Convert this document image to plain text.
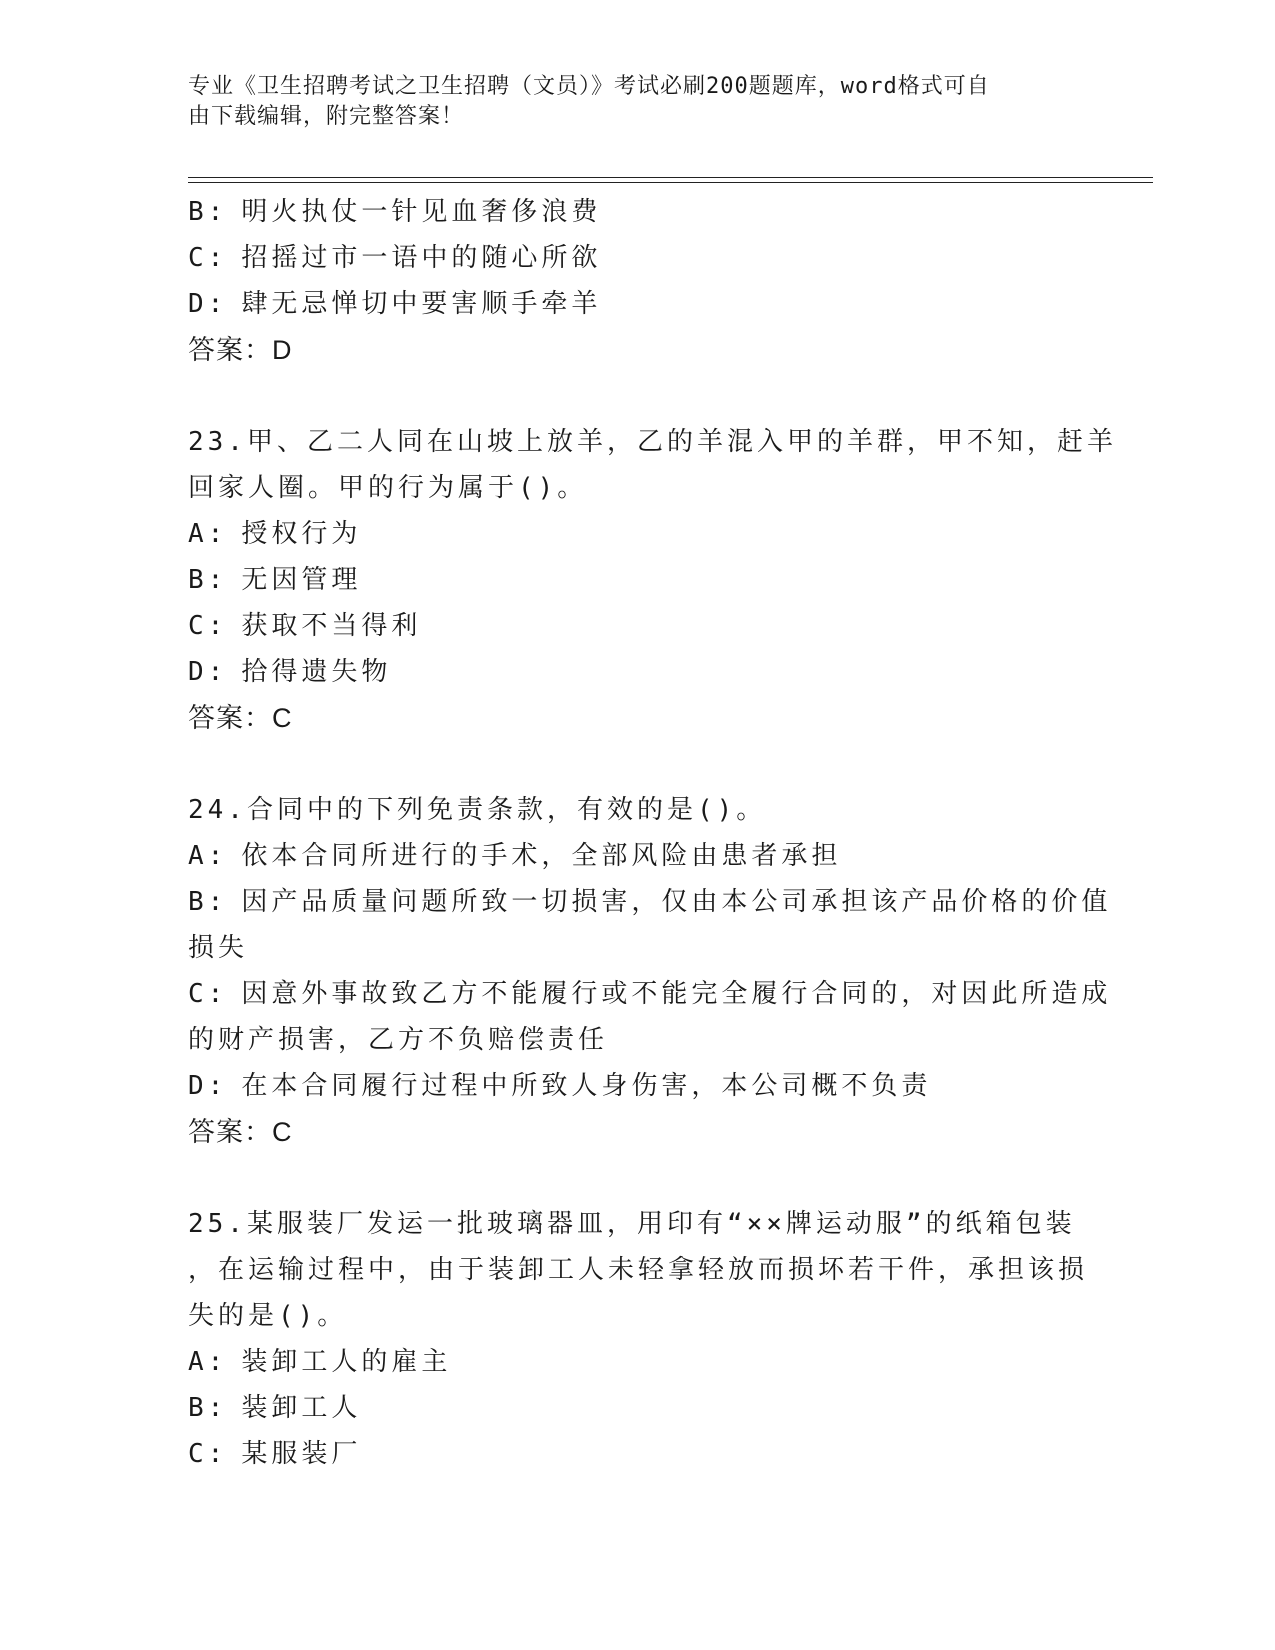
专业《卫生招聘考试之卫生招聘（文员）》考试必刷200题题库，word格式可自
由下载编辑，附完整答案！
B: 明火执仗一针见血奢侈浪费
C: 招摇过市一语中的随心所欲
D: 肆无忌惮切中要害顺手牵羊
答案：D
23.甲、乙二人同在山坡上放羊，乙的羊混入甲的羊群，甲不知，赶羊
回家人圈。甲的行为属于()。
A: 授权行为
B: 无因管理
C: 获取不当得利
D: 拾得遗失物
答案：C
24.合同中的下列免责条款，有效的是()。
A: 依本合同所进行的手术，全部风险由患者承担
B: 因产品质量问题所致一切损害，仅由本公司承担该产品价格的价值
损失
C: 因意外事故致乙方不能履行或不能完全履行合同的，对因此所造成
的财产损害，乙方不负赔偿责任
D: 在本合同履行过程中所致人身伤害，本公司概不负责
答案：C
25.某服装厂发运一批玻璃器皿，用印有“××牌运动服”的纸箱包装
，在运输过程中，由于装卸工人未轻拿轻放而损坏若干件，承担该损
失的是()。
A: 装卸工人的雇主
B: 装卸工人
C: 某服装厂
